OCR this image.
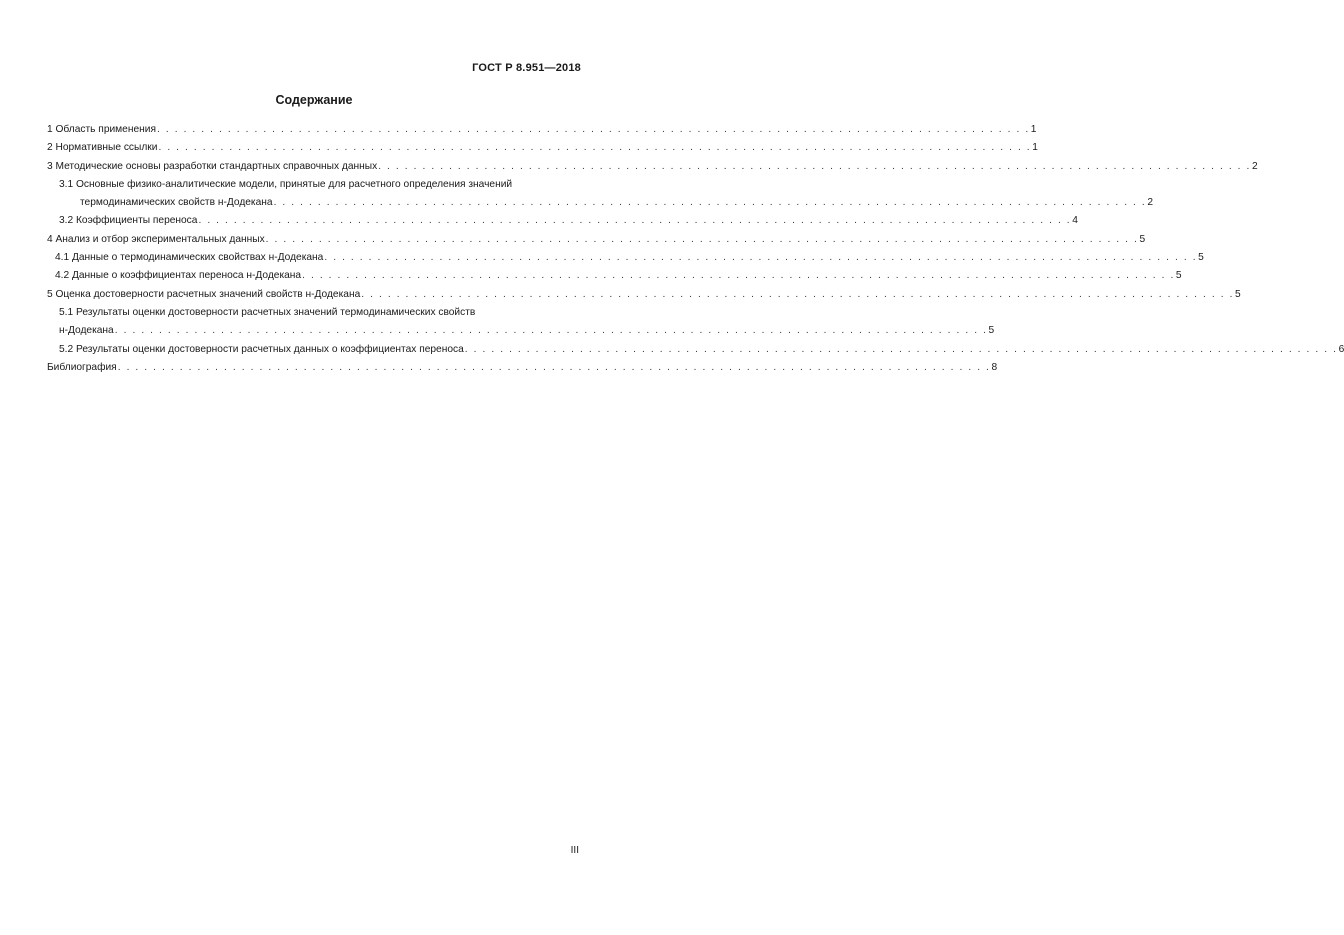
ГОСТ Р 8.951—2018
Содержание
1 Область применения . . . . . . . . . . . . . . . . . . . . . . . . . . . . . . . . . . . . . . . . . . . . . . . . . . . . . . . . . . . . . . . . . . . . . . . . . . . . . . . . . . . . . . . . . . . . . . . . . . . 1
2 Нормативные ссылки . . . . . . . . . . . . . . . . . . . . . . . . . . . . . . . . . . . . . . . . . . . . . . . . . . . . . . . . . . . . . . . . . . . . . . . . . . . . . . . . . . . . . . . . . . . . . . . . . . . 1
3 Методические основы разработки стандартных справочных данных . . . . . . . . . . . . . . . . . . . . . . . . . . . . . . . . . . . . . . . . . . . . . . . . . . . . . . . . . . . . . . . . . . . . . . . . . . . . . . . . . . . . . . . . . . . . . . . . . . . 2
3.1 Основные физико-аналитические модели, принятые для расчетного определения значений
термодинамических свойств н-Додекана . . . . . . . . . . . . . . . . . . . . . . . . . . . . . . . . . . . . . . . . . . . . . . . . . . . . . . . . . . . . . . . . . . . . . . . . . . . . . . . . . . . . . . . . . . . . . . . . . . . 2
3.2 Коэффициенты переноса . . . . . . . . . . . . . . . . . . . . . . . . . . . . . . . . . . . . . . . . . . . . . . . . . . . . . . . . . . . . . . . . . . . . . . . . . . . . . . . . . . . . . . . . . . . . . . . . . . . 4
4 Анализ и отбор экспериментальных данных . . . . . . . . . . . . . . . . . . . . . . . . . . . . . . . . . . . . . . . . . . . . . . . . . . . . . . . . . . . . . . . . . . . . . . . . . . . . . . . . . . . . . . . . . . . . . . . . . . . 5
4.1 Данные о термодинамических свойствах н-Додекана . . . . . . . . . . . . . . . . . . . . . . . . . . . . . . . . . . . . . . . . . . . . . . . . . . . . . . . . . . . . . . . . . . . . . . . . . . . . . . . . . . . . . . . . . . . . . . . . . . . 5
4.2 Данные о коэффициентах переноса н-Додекана . . . . . . . . . . . . . . . . . . . . . . . . . . . . . . . . . . . . . . . . . . . . . . . . . . . . . . . . . . . . . . . . . . . . . . . . . . . . . . . . . . . . . . . . . . . . . . . . . . . 5
5 Оценка достоверности расчетных значений свойств н-Додекана . . . . . . . . . . . . . . . . . . . . . . . . . . . . . . . . . . . . . . . . . . . . . . . . . . . . . . . . . . . . . . . . . . . . . . . . . . . . . . . . . . . . . . . . . . . . . . . . . . . 5
5.1 Результаты оценки достоверности расчетных значений термодинамических свойств
н-Додекана . . . . . . . . . . . . . . . . . . . . . . . . . . . . . . . . . . . . . . . . . . . . . . . . . . . . . . . . . . . . . . . . . . . . . . . . . . . . . . . . . . . . . . . . . . . . . . . . . . . 5
5.2 Результаты оценки достоверности расчетных данных о коэффициентах переноса . . . . . . . . . . . . . . . . . . . . . . . . . . . . . . . . . . . . . . . . . . . . . . . . . . . . . . . . . . . . . . . . . . . . . . . . . . . . . . . . . . . . . . . . . . . . . . . . . . . 6
Библиография . . . . . . . . . . . . . . . . . . . . . . . . . . . . . . . . . . . . . . . . . . . . . . . . . . . . . . . . . . . . . . . . . . . . . . . . . . . . . . . . . . . . . . . . . . . . . . . . . . . 8
III
